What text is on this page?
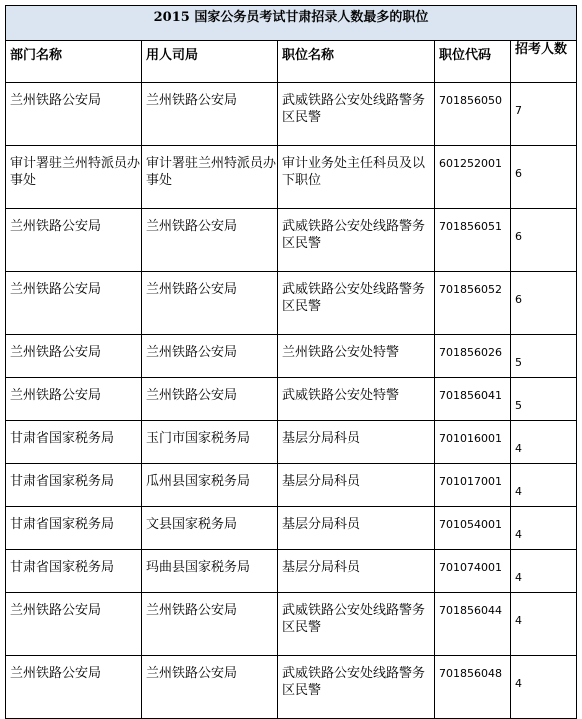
2015 国家公务员考试甘肃招录人数最多的职位				

部门名称	用人司局	职位名称	职位代码	招考人数
兰州铁路公安局	兰州铁路公安局	武威铁路公安处线路警务区民警	701856050	7
审计署驻兰州特派员办事处	审计署驻兰州特派员办事处	审计业务处主任科员及以下职位	601252001	6
兰州铁路公安局	兰州铁路公安局	武威铁路公安处线路警务区民警	701856051	6
兰州铁路公安局	兰州铁路公安局	武威铁路公安处线路警务区民警	701856052	6
兰州铁路公安局	兰州铁路公安局	兰州铁路公安处特警	701856026	5
兰州铁路公安局	兰州铁路公安局	武威铁路公安处特警	701856041	5
甘肃省国家税务局	玉门市国家税务局	基层分局科员	701016001	4
甘肃省国家税务局	瓜州县国家税务局	基层分局科员	701017001	4
甘肃省国家税务局	文县国家税务局	基层分局科员	701054001	4
甘肃省国家税务局	玛曲县国家税务局	基层分局科员	701074001	4
兰州铁路公安局	兰州铁路公安局	武威铁路公安处线路警务区民警	701856044	4
兰州铁路公安局	兰州铁路公安局	武威铁路公安处线路警务区民警	701856048	4
